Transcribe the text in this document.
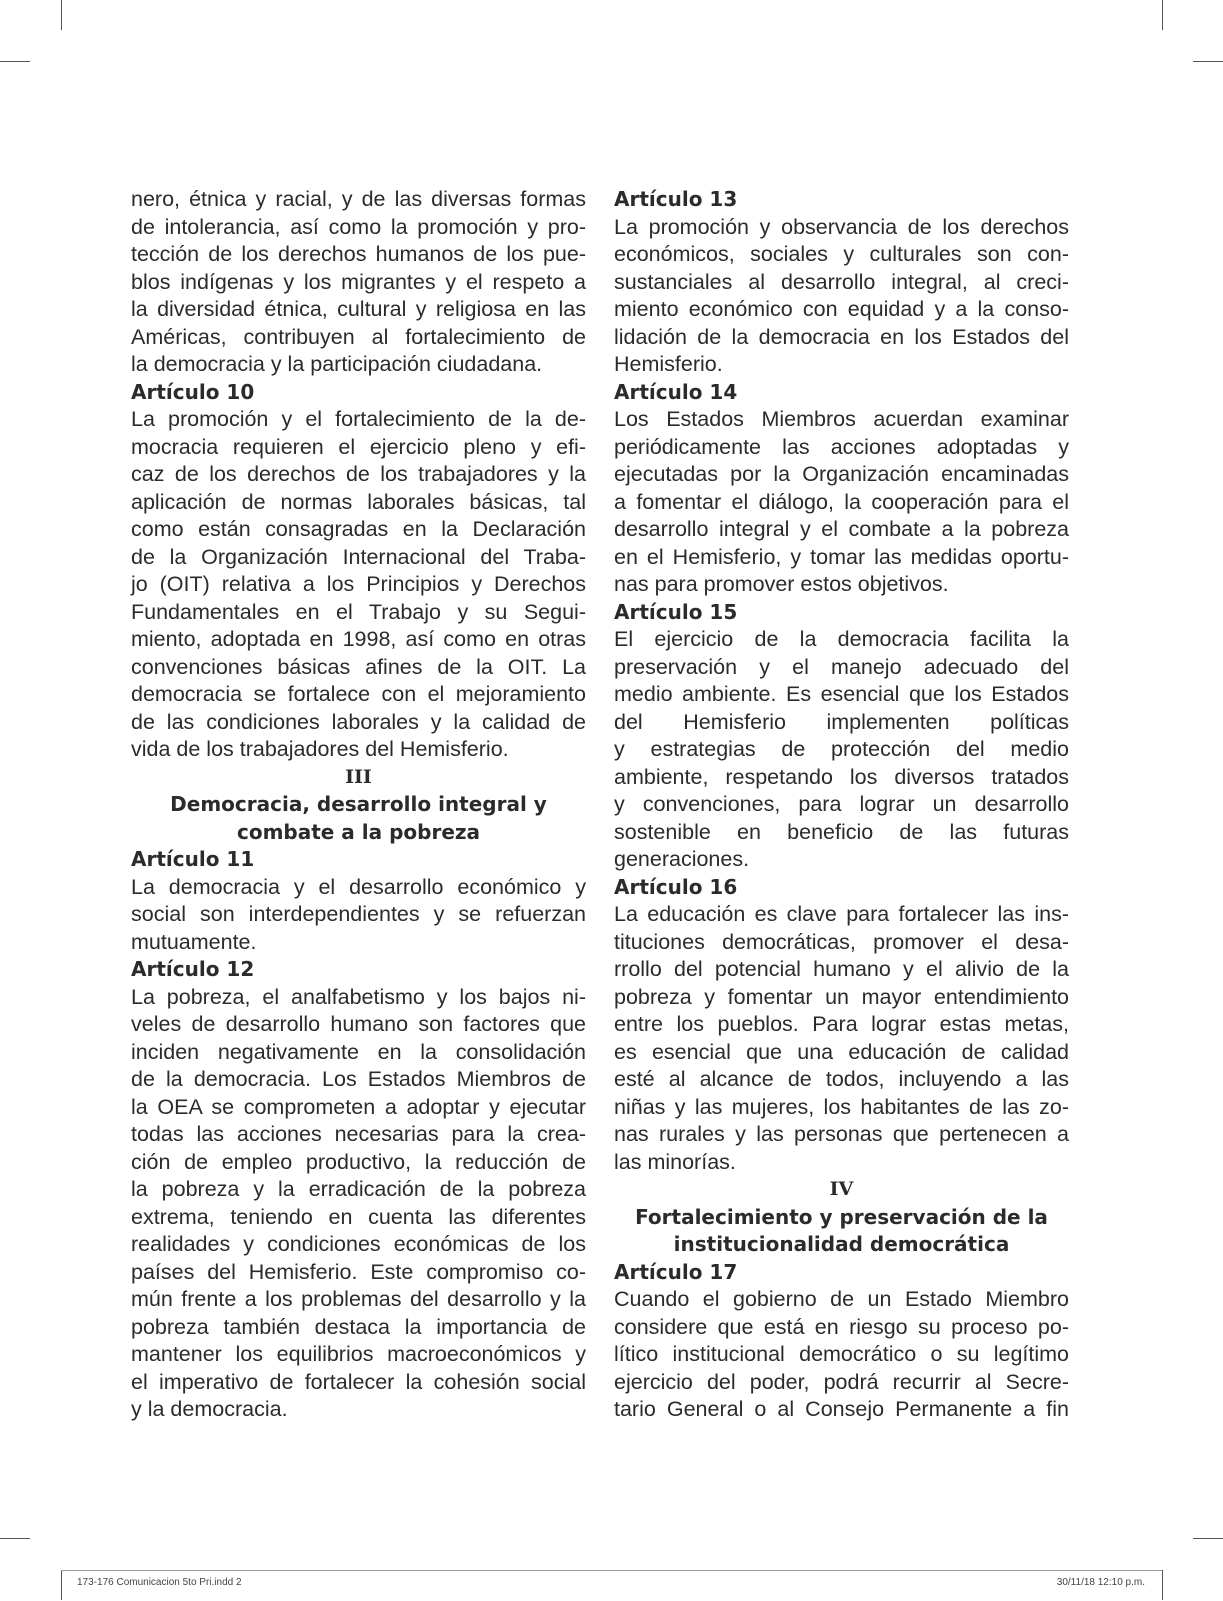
nero, étnica y racial, y de las diversas formas
de intolerancia, así como la promoción y pro-
tección de los derechos humanos de los pue-
blos indígenas y los migrantes y el respeto a
la diversidad étnica, cultural y religiosa en las
Américas, contribuyen al fortalecimiento de
la democracia y la participación ciudadana.
Artículo 10
La promoción y el fortalecimiento de la de-
mocracia requieren el ejercicio pleno y efi-
caz de los derechos de los trabajadores y la
aplicación de normas laborales básicas, tal
como están consagradas en la Declaración
de la Organización Internacional del Traba-
jo (OIT) relativa a los Principios y Derechos
Fundamentales en el Trabajo y su Segui-
miento, adoptada en 1998, así como en otras
convenciones básicas afines de la OIT. La
democracia se fortalece con el mejoramiento
de las condiciones laborales y la calidad de
vida de los trabajadores del Hemisferio.
III
Democracia, desarrollo integral y
combate a la pobreza
Artículo 11
La democracia y el desarrollo económico y
social son interdependientes y se refuerzan
mutuamente.
Artículo 12
La pobreza, el analfabetismo y los bajos ni-
veles de desarrollo humano son factores que
inciden negativamente en la consolidación
de la democracia. Los Estados Miembros de
la OEA se comprometen a adoptar y ejecutar
todas las acciones necesarias para la crea-
ción de empleo productivo, la reducción de
la pobreza y la erradicación de la pobreza
extrema, teniendo en cuenta las diferentes
realidades y condiciones económicas de los
países del Hemisferio. Este compromiso co-
mún frente a los problemas del desarrollo y la
pobreza también destaca la importancia de
mantener los equilibrios macroeconómicos y
el imperativo de fortalecer la cohesión social
y la democracia.
Artículo 13
La promoción y observancia de los derechos
económicos, sociales y culturales son con-
sustanciales al desarrollo integral, al creci-
miento económico con equidad y a la conso-
lidación de la democracia en los Estados del
Hemisferio.
Artículo 14
Los Estados Miembros acuerdan examinar
periódicamente las acciones adoptadas y
ejecutadas por la Organización encaminadas
a fomentar el diálogo, la cooperación para el
desarrollo integral y el combate a la pobreza
en el Hemisferio, y tomar las medidas oportu-
nas para promover estos objetivos.
Artículo 15
El ejercicio de la democracia facilita la
preservación y el manejo adecuado del
medio ambiente. Es esencial que los Estados
del Hemisferio implementen políticas
y estrategias de protección del medio
ambiente, respetando los diversos tratados
y convenciones, para lograr un desarrollo
sostenible en beneficio de las futuras
generaciones.
Artículo 16
La educación es clave para fortalecer las ins-
tituciones democráticas, promover el desa-
rrollo del potencial humano y el alivio de la
pobreza y fomentar un mayor entendimiento
entre los pueblos. Para lograr estas metas,
es esencial que una educación de calidad
esté al alcance de todos, incluyendo a las
niñas y las mujeres, los habitantes de las zo-
nas rurales y las personas que pertenecen a
las minorías.
IV
Fortalecimiento y preservación de la
institucionalidad democrática
Artículo 17
Cuando el gobierno de un Estado Miembro
considere que está en riesgo su proceso po-
lítico institucional democrático o su legítimo
ejercicio del poder, podrá recurrir al Secre-
tario General o al Consejo Permanente a fin
173-176 Comunicacion 5to Pri.indd 2	30/11/18 12:10 p.m.
